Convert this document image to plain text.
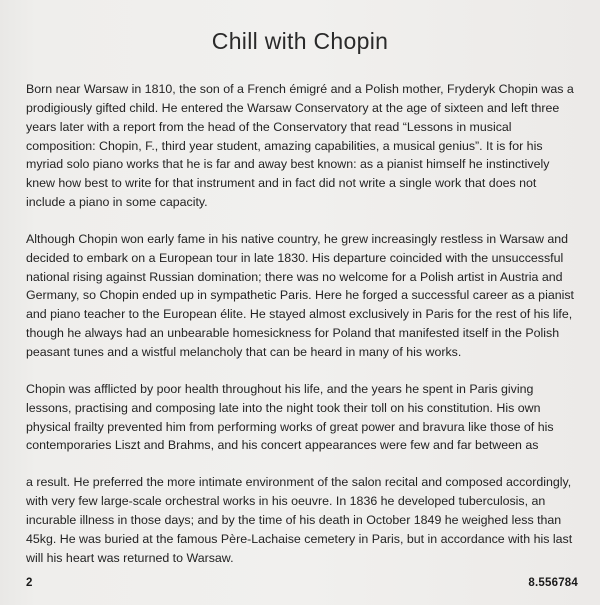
Chill with Chopin

Born near Warsaw in 1810, the son of a French émigré and a Polish mother, Fryderyk Chopin was a prodigiously gifted child. He entered the Warsaw Conservatory at the age of sixteen and left three years later with a report from the head of the Conservatory that read “Lessons in musical composition: Chopin, F., third year student, amazing capabilities, a musical genius”. It is for his myriad solo piano works that he is far and away best known: as a pianist himself he instinctively knew how best to write for that instrument and in fact did not write a single work that does not include a piano in some capacity.

Although Chopin won early fame in his native country, he grew increasingly restless in Warsaw and decided to embark on a European tour in late 1830. His departure coincided with the unsuccessful national rising against Russian domination; there was no welcome for a Polish artist in Austria and Germany, so Chopin ended up in sympathetic Paris. Here he forged a successful career as a pianist and piano teacher to the European élite. He stayed almost exclusively in Paris for the rest of his life, though he always had an unbearable homesickness for Poland that manifested itself in the Polish peasant tunes and a wistful melancholy that can be heard in many of his works.

Chopin was afflicted by poor health throughout his life, and the years he spent in Paris giving lessons, practising and composing late into the night took their toll on his constitution. His own physical frailty prevented him from performing works of great power and bravura like those of his contemporaries Liszt and Brahms, and his concert appearances were few and far between as

a result. He preferred the more intimate environment of the salon recital and composed accordingly, with very few large-scale orchestral works in his oeuvre. In 1836 he developed tuberculosis, an incurable illness in those days; and by the time of his death in October 1849 he weighed less than 45kg. He was buried at the famous Père-Lachaise cemetery in Paris, but in accordance with his last will his heart was returned to Warsaw.

2	8.556784
